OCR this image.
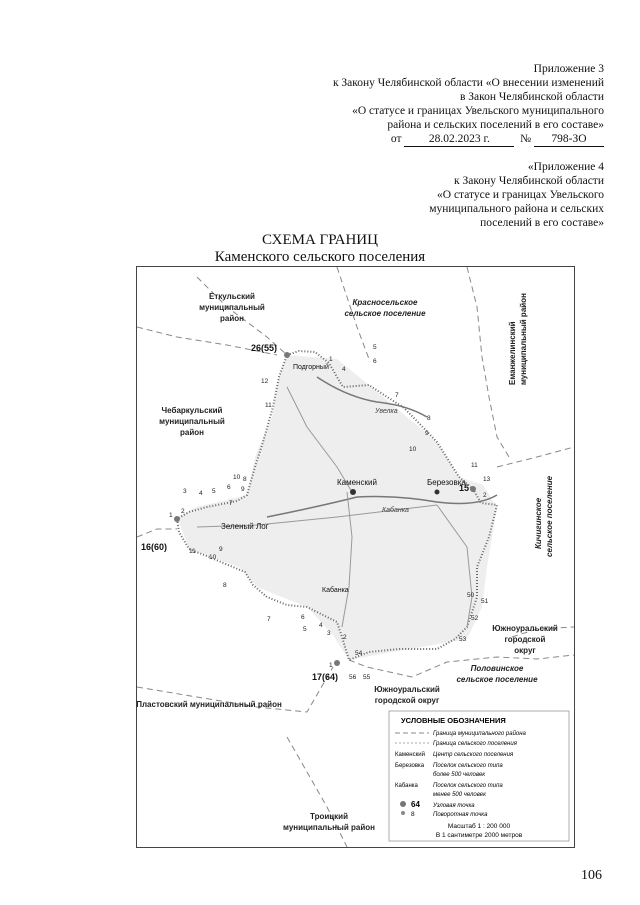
Приложение 3
к Закону Челябинской области «О внесении изменений
в Закон Челябинской области
«О статусе и границах Увельского муниципального
района и сельских поселений в его составе»
от 28.02.2023 г.	№ 798-ЗО
«Приложение 4
к Закону Челябинской области
«О статусе и границах Увельского
муниципального района и сельских
поселений в его составе»
СХЕМА ГРАНИЦ
Каменского сельского поселения
Еткульский
муниципальный
район
Красносельское
сельское поселение
Чебаркульский
муниципальный
район
Южноуральский
городской
округ
Половинское
сельское поселение
Южноуральский
городской округ
Пластовский муниципальный район
Троицкий
муниципальный район
Еманжелинский муниципальный район
Кичигинское сельское поселение
Каменский	Березовка
Подгорный
Зеленый Лог
Кабанка
Кабанка
Увелка
26(55)
15
16(60)
17(64)
1
4
5
6
7
8
9
10
11
13
2
12
11
10
9
8
7
6
5
4
3
2
1
11
10
9
8
7	6
5
4
3
2
1
54
55
56
53
52
51
50
УСЛОВНЫЕ ОБОЗНАЧЕНИЯ
Граница муниципального района
Граница сельского поселения
Каменский Центр сельского поселения
Березовка Поселок сельского типа
более 500 человек
Кабанка	Поселок сельского типа
менее 500 человек
64 Узловая точка
8	Поворотная точка
Масштаб 1 : 200 000
В 1 сантиметре 2000 метров
106
